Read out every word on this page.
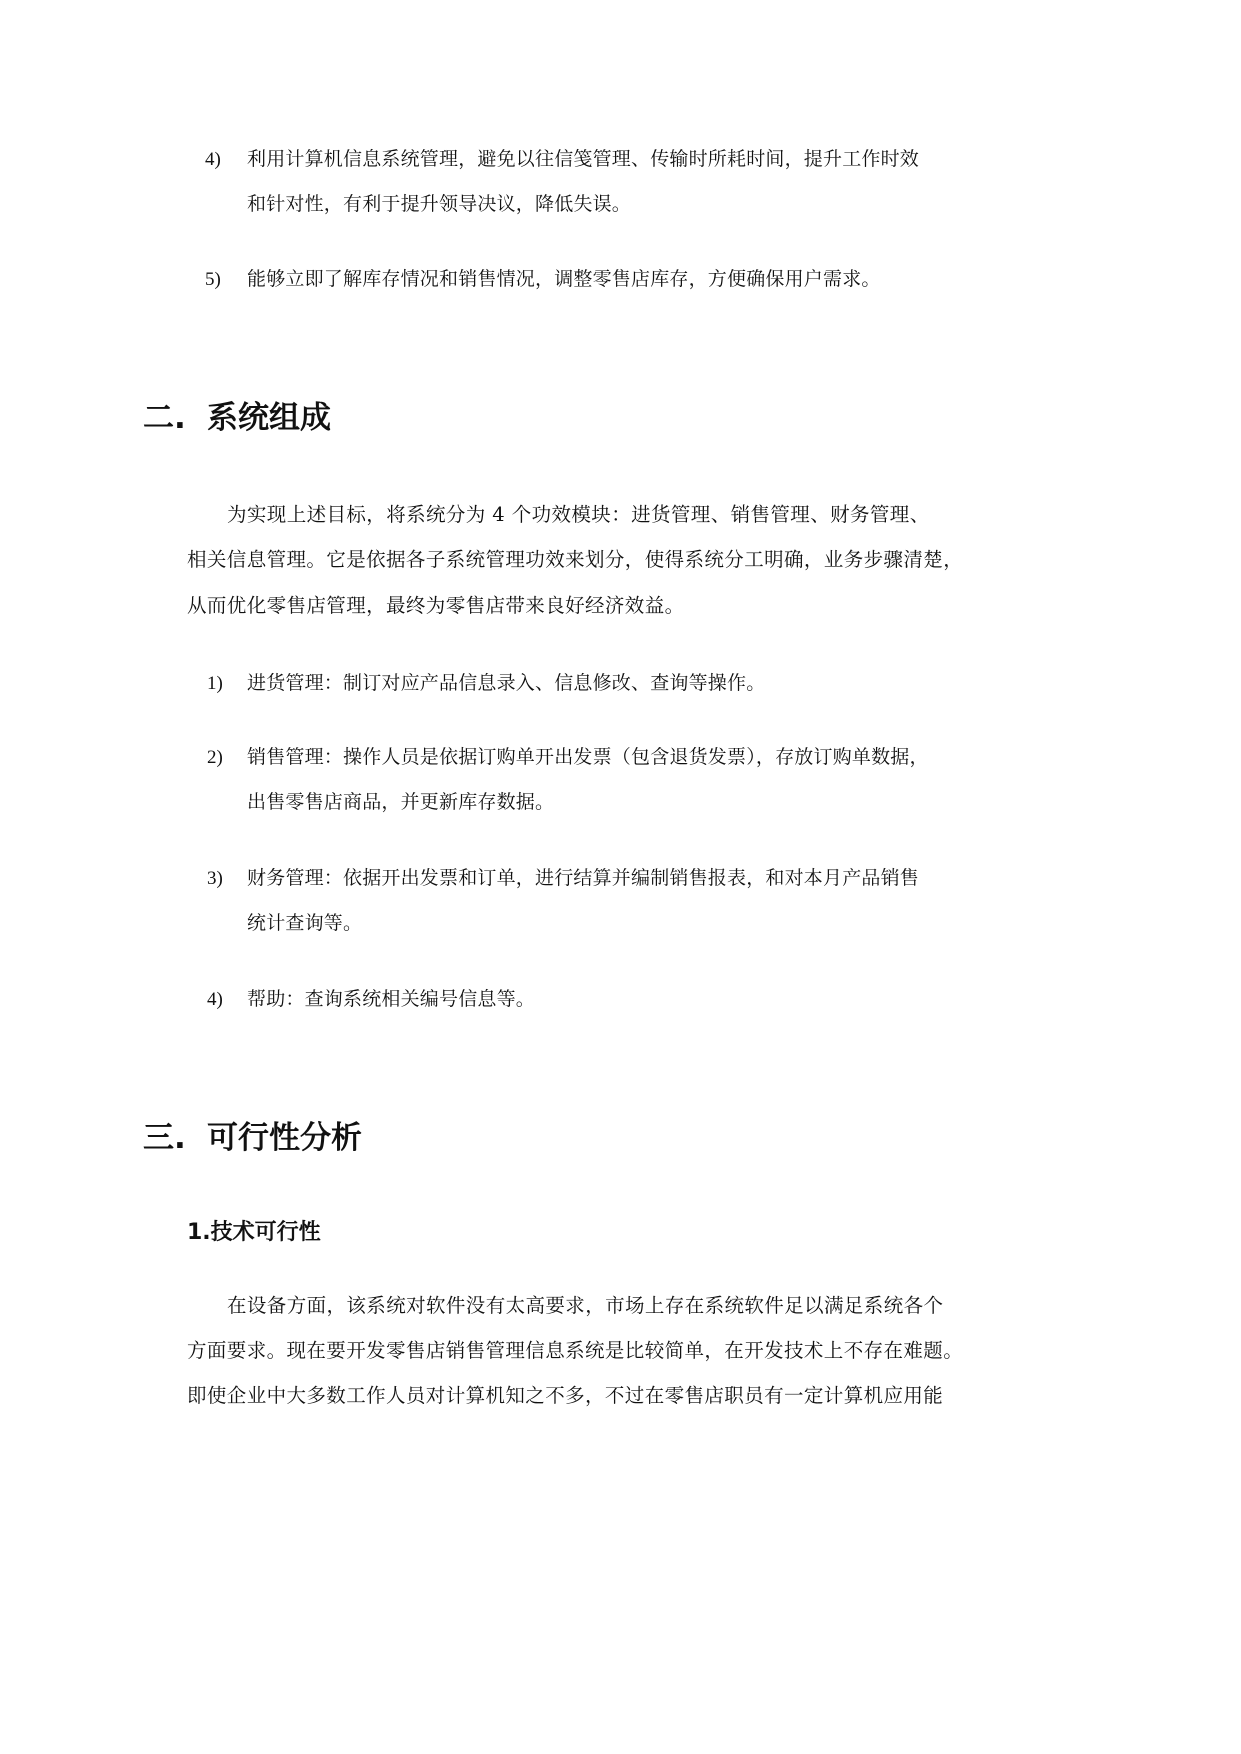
4) 利用计算机信息系统管理，避免以往信笺管理、传输时所耗时间，提升工作时效
和针对性，有利于提升领导决议，降低失误。
5) 能够立即了解库存情况和销售情况，调整零售店库存，方便确保用户需求。
二. 系统组成
为实现上述目标，将系统分为 4 个功效模块：进货管理、销售管理、财务管理、
相关信息管理。它是依据各子系统管理功效来划分，使得系统分工明确，业务步骤清楚，
从而优化零售店管理，最终为零售店带来良好经济效益。
1) 进货管理：制订对应产品信息录入、信息修改、查询等操作。
2) 销售管理：操作人员是依据订购单开出发票（包含退货发票），存放订购单数据，
出售零售店商品，并更新库存数据。
3) 财务管理：依据开出发票和订单，进行结算并编制销售报表，和对本月产品销售
统计查询等。
4) 帮助：查询系统相关编号信息等。
三. 可行性分析
1.技术可行性
在设备方面，该系统对软件没有太高要求，市场上存在系统软件足以满足系统各个
方面要求。现在要开发零售店销售管理信息系统是比较简单，在开发技术上不存在难题。
即使企业中大多数工作人员对计算机知之不多，不过在零售店职员有一定计算机应用能
